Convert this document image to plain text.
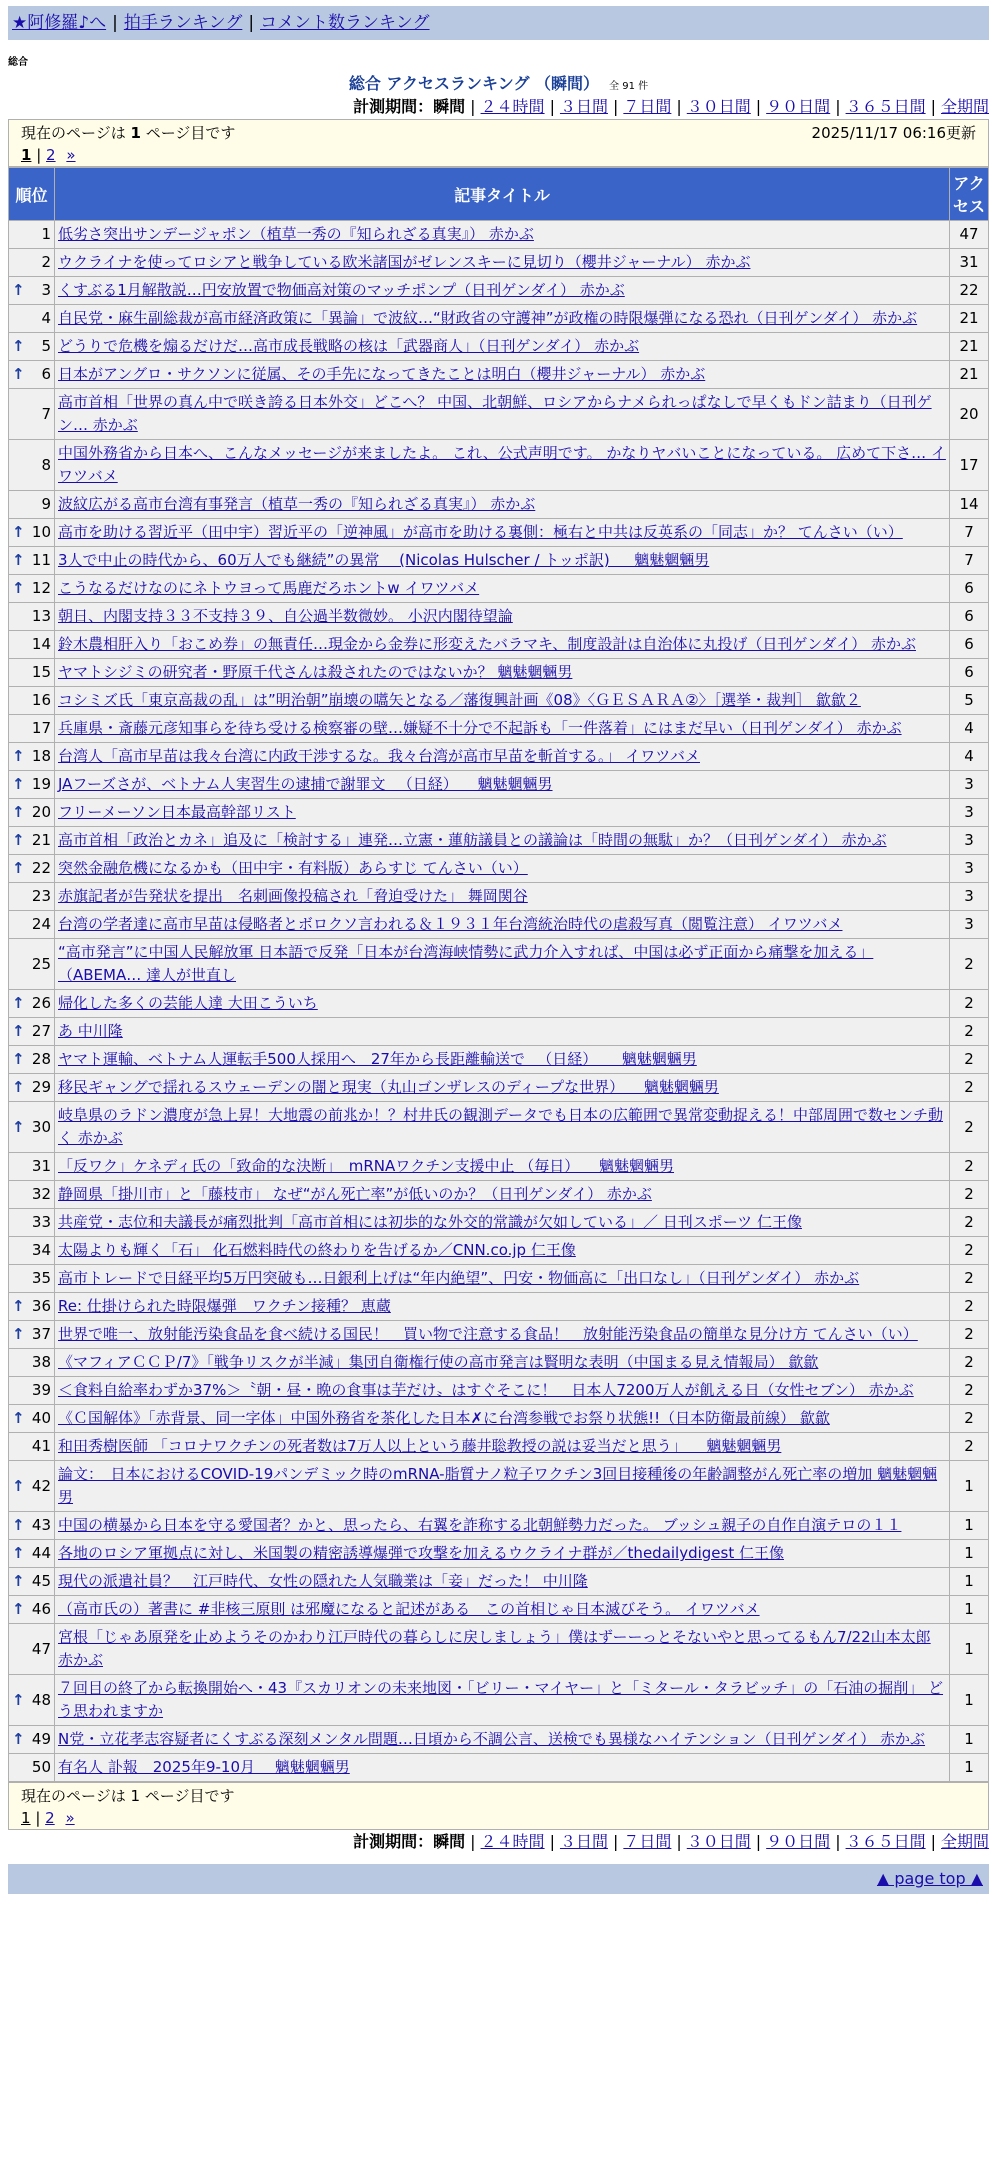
★阿修羅♪へ | 拍手ランキング | コメント数ランキング
総合
総合 アクセスランキング （瞬間） 全 91 件
計測期間：瞬間 | ２４時間 | ３日間 | ７日間 | ３０日間 | ９０日間 | ３６５日間 | 全期間
現在のページは 1 ページ目です	2025/11/17 06:16更新
1 | 2 »
順位	記事タイトル	アクセス
1	低劣さ突出サンデージャポン（植草一秀の『知られざる真実』） 赤かぶ	47
2	ウクライナを使ってロシアと戦争している欧米諸国がゼレンスキーに見切り（櫻井ジャーナル） 赤かぶ	31

↑ 3	くすぶる1月解散説…円安放置で物価高対策のマッチポンプ（日刊ゲンダイ） 赤かぶ	22
4	自民党・麻生副総裁が高市経済政策に「異論」で波紋…“財政省の守護神”が政権の時限爆弾になる恐れ（日刊ゲンダイ） 赤かぶ	21

↑ 5	どうりで危機を煽るだけだ…高市成長戦略の核は「武器商人」（日刊ゲンダイ） 赤かぶ	21

↑ 6	日本がアングロ・サクソンに従属、その手先になってきたことは明白（櫻井ジャーナル） 赤かぶ	21
7	高市首相「世界の真ん中で咲き誇る日本外交」どこへ？ 中国、北朝鮮、ロシアからナメられっぱなしで早くもドン詰まり（日刊ゲン… 赤かぶ	20
8	中国外務省から日本へ、こんなメッセージが来ましたよ。 これ、公式声明です。 かなりヤバいことになっている。 広めて下さ… イワツバメ	17
9	波紋広がる高市台湾有事発言（植草一秀の『知られざる真実』） 赤かぶ	14

↑ 10	高市を助ける習近平（田中宇）習近平の「逆神風」が高市を助ける裏側：極右と中共は反英系の「同志」か？ てんさい（い）	7

↑ 11	3人で中止の時代から、60万人でも継続”の異常 　(Nicolas Hulscher / トッポ訳) 　 魑魅魍魎男	7

↑ 12	こうなるだけなのにネトウヨって馬鹿だろホントw イワツバメ	6
13	朝日、内閣支持３３不支持３９、自公過半数微妙。 小沢内閣待望論	6
14	鈴木農相肝入り「おこめ券」の無責任…現金から金券に形変えたバラマキ、制度設計は自治体に丸投げ（日刊ゲンダイ） 赤かぶ	6
15	ヤマトシジミの研究者・野原千代さんは殺されたのではないか？ 魑魅魍魎男	6
16	コシミズ氏「東京高裁の乱」は”明治朝”崩壊の嚆矢となる／藩復興計画《08》〈ＧＥＳＡＲＡ②〉［選挙・裁判］ 歙歙２	5
17	兵庫県・斎藤元彦知事らを待ち受ける検察審の壁…嫌疑不十分で不起訴も「一件落着」にはまだ早い（日刊ゲンダイ） 赤かぶ	4

↑ 18	台湾人「高市早苗は我々台湾に内政干渉するな。我々台湾が高市早苗を斬首する。」 イワツバメ	4

↑ 19	JAフーズさが、ベトナム人実習生の逮捕で謝罪文 　（日経） 　魑魅魍魎男	3

↑ 20	フリーメーソン日本最高幹部リスト	3

↑ 21	高市首相「政治とカネ」追及に「検討する」連発…立憲・蓮舫議員との議論は「時間の無駄」か？（日刊ゲンダイ） 赤かぶ	3

↑ 22	突然金融危機になるかも（田中宇・有料版）あらすじ てんさい（い）	3
23	赤旗記者が告発状を提出　名刺画像投稿され「脅迫受けた」 舞岡関谷	3
24	台湾の学者達に高市早苗は侵略者とボロクソ言われる＆１９３１年台湾統治時代の虐殺写真（閲覧注意） イワツバメ	3
25	“高市発言”に中国人民解放軍 日本語で反発「日本が台湾海峡情勢に武力介入すれば、中国は必ず正面から痛撃を加える」（ABEMA… 達人が世直し	2

↑ 26	帰化した多くの芸能人達 大田こういち	2

↑ 27	あ 中川隆	2

↑ 28	ヤマト運輸、ベトナム人運転手500人採用へ　27年から長距離輸送で 　（日経） 　 魑魅魍魎男	2

↑ 29	移民ギャングで揺れるスウェーデンの闇と現実（丸山ゴンザレスのディープな世界） 　魑魅魍魎男	2

↑ 30	岐阜県のラドン濃度が急上昇！大地震の前兆か！？村井氏の観測データでも日本の広範囲で異常変動捉える！中部周囲で数センチ動く 赤かぶ	2
31	「反ワク」ケネディ氏の「致命的な決断」　mRNAワクチン支援中止 （毎日） 　魑魅魍魎男	2
32	静岡県「掛川市」と「藤枝市」 なぜ“がん死亡率”が低いのか？（日刊ゲンダイ） 赤かぶ	2
33	共産党・志位和夫議長が痛烈批判「高市首相には初歩的な外交的常識が欠如している」／ 日刊スポーツ 仁王像	2
34	太陽よりも輝く「石」 化石燃料時代の終わりを告げるか／CNN.co.jp 仁王像	2
35	高市トレードで日経平均5万円突破も…日銀利上げは“年内絶望”、円安・物価高に「出口なし」（日刊ゲンダイ） 赤かぶ	2

↑ 36	Re: 仕掛けられた時限爆弾　ワクチン接種？ 恵蔵	2

↑ 37	世界で唯一、放射能汚染食品を食べ続ける国民！　買い物で注意する食品！　放射能汚染食品の簡単な見分け方 てんさい（い）	2
38	《マフィアＣＣＰ/7》「戦争リスクが半減」集団自衛権行使の高市発言は賢明な表明（中国まる見え情報局） 歙歙	2
39	＜食料自給率わずか37%＞〝朝・昼・晩の食事は芋だけ〟はすぐそこに！　日本人7200万人が飢える日（女性セブン） 赤かぶ	2

↑ 40	《Ｃ国解体》「赤背景、同一字体」中国外務省を茶化した日本✗に台湾参戦でお祭り状態!!（日本防衛最前線） 歙歙	2
41	和田秀樹医師 「コロナワクチンの死者数は7万人以上という藤井聡教授の説は妥当だと思う」 　魑魅魍魎男	2

↑ 42	論文：　日本におけるCOVID-19パンデミック時のmRNA-脂質ナノ粒子ワクチン3回目接種後の年齢調整がん死亡率の増加 魑魅魍魎男	1

↑ 43	中国の横暴から日本を守る愛国者？かと、思ったら、右翼を詐称する北朝鮮勢力だった。 ブッシュ親子の自作自演テロの１１	1

↑ 44	各地のロシア軍拠点に対し、米国製の精密誘導爆弾で攻撃を加えるウクライナ群が／thedailydigest 仁王像	1

↑ 45	現代の派遣社員？　江戸時代、女性の隠れた人気職業は「妾」だった！ 中川隆	1

↑ 46	（高市氏の）著書に #非核三原則 は邪魔になると記述がある　この首相じゃ日本滅びそう。 イワツバメ	1
47	宮根「じゃあ原発を止めようそのかわり江戸時代の暮らしに戻しましょう」僕はずーーっとそないやと思ってるもん7/22山本太郎 赤かぶ	1

↑ 48	７回目の終了から転換開始へ・43『スカリオンの未来地図・「ビリー・マイヤー」と「ミタール・タラビッチ」の「石油の掘削」 どう思われますか	1

↑ 49	N党・立花孝志容疑者にくすぶる深刻メンタル問題…日頃から不調公言、送検でも異様なハイテンション（日刊ゲンダイ） 赤かぶ	1
50	有名人 訃報　2025年9-10月 　魑魅魍魎男	1
現在のページは 1 ページ目です
1 | 2 »
計測期間：瞬間 | ２４時間 | ３日間 | ７日間 | ３０日間 | ９０日間 | ３６５日間 | 全期間
▲ page top ▲
